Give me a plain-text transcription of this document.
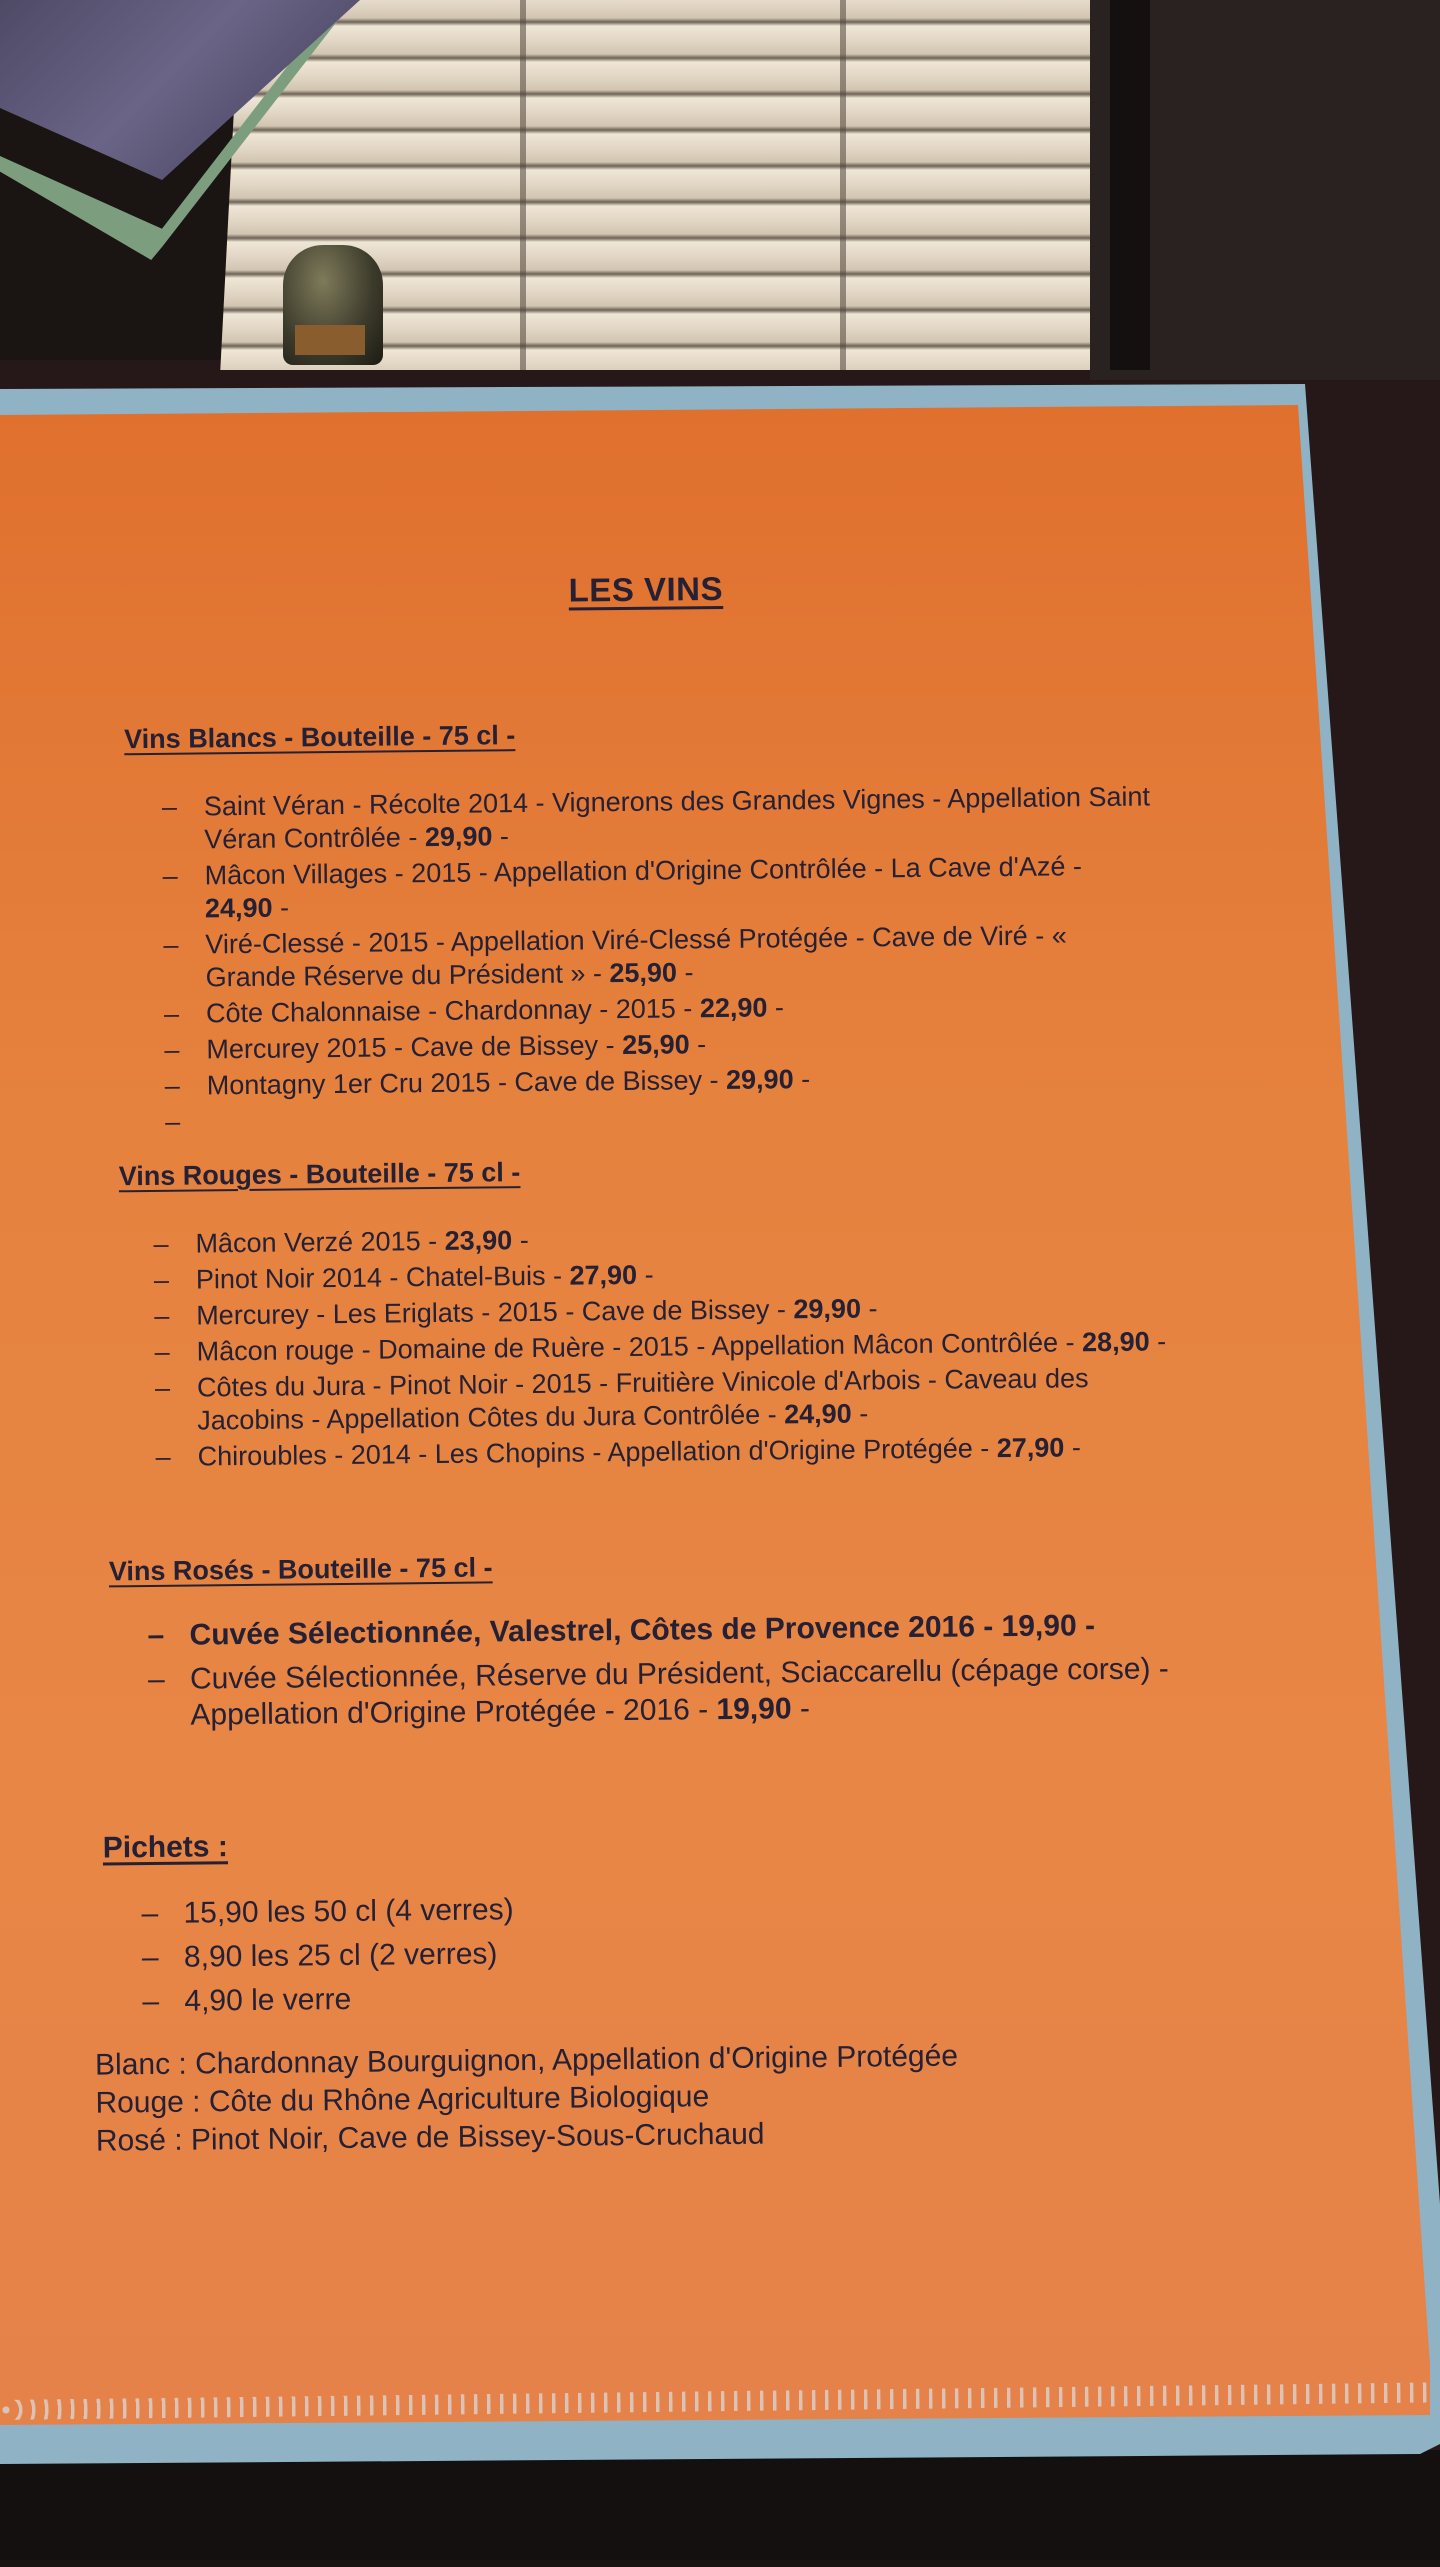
LES VINS
Vins Blancs - Bouteille - 75 cl -
– Saint Véran - Récolte 2014 - Vignerons des Grandes Vignes - Appellation Saint Véran Contrôlée - 29,90 -
– Mâcon Villages - 2015 - Appellation d'Origine Contrôlée - La Cave d'Azé - 24,90 -
– Viré-Clessé - 2015 - Appellation Viré-Clessé Protégée - Cave de Viré - « Grande Réserve du Président » - 25,90 -
– Côte Chalonnaise - Chardonnay - 2015 - 22,90 -
– Mercurey 2015 - Cave de Bissey - 25,90 -
– Montagny 1er Cru 2015 - Cave de Bissey - 29,90 -
–

Vins Rouges - Bouteille - 75 cl -
– Mâcon Verzé 2015 - 23,90 -
– Pinot Noir 2014 - Chatel-Buis - 27,90 -
– Mercurey - Les Eriglats - 2015 - Cave de Bissey - 29,90 -
– Mâcon rouge - Domaine de Ruère - 2015 - Appellation Mâcon Contrôlée - 28,90 -
– Côtes du Jura - Pinot Noir - 2015 - Fruitière Vinicole d'Arbois - Caveau des Jacobins - Appellation Côtes du Jura Contrôlée - 24,90 -
– Chiroubles - 2014 - Les Chopins - Appellation d'Origine Protégée - 27,90 -
Vins Rosés - Bouteille - 75 cl -
– Cuvée Sélectionnée, Valestrel, Côtes de Provence 2016 - 19,90 -
– Cuvée Sélectionnée, Réserve du Président, Sciaccarellu (cépage corse) - Appellation d'Origine Protégée - 2016 - 19,90 -
Pichets :
– 15,90 les 50 cl (4 verres)
– 8,90 les 25 cl (2 verres)
– 4,90 le verre
Blanc : Chardonnay Bourguignon, Appellation d'Origine Protégée
Rouge : Côte du Rhône Agriculture Biologique
Rosé : Pinot Noir, Cave de Bissey-Sous-Cruchaud
